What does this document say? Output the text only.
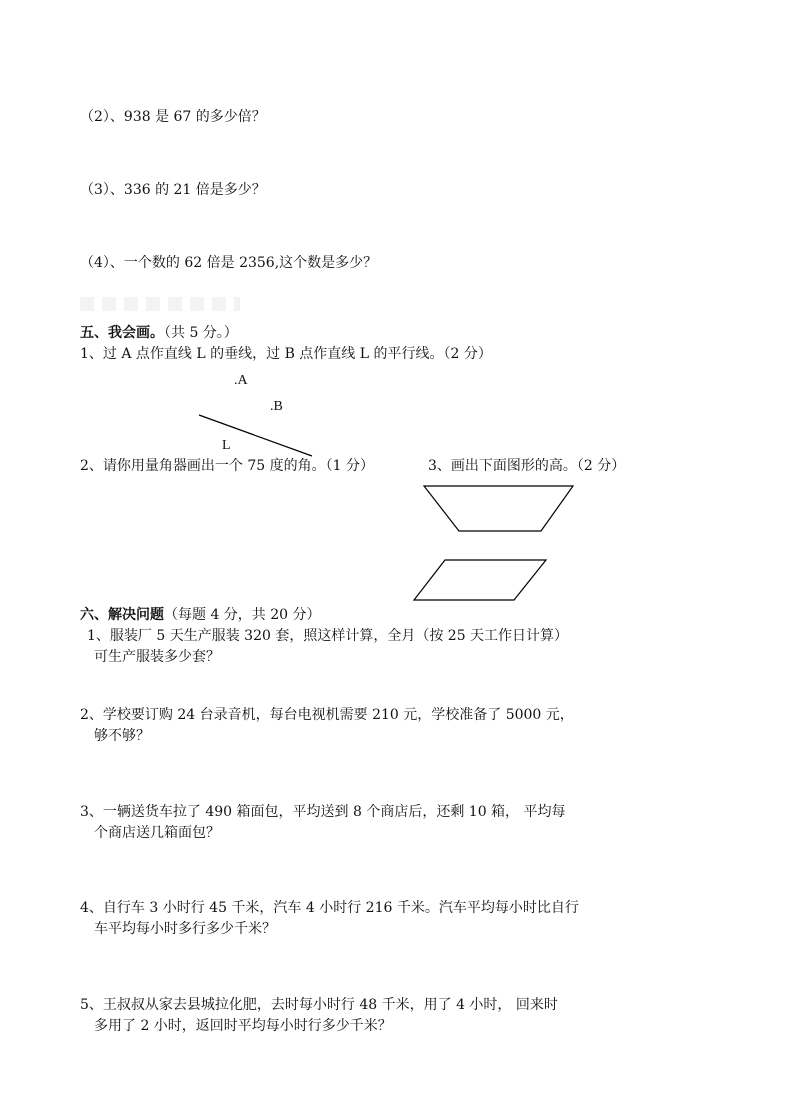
（2）、938 是 67 的多少倍？
（3）、336 的 21 倍是多少？
（4）、一个数的 62 倍是 2356,这个数是多少？
五、我会画。（共 5 分。）
1、过 A 点作直线 L 的垂线，过 B 点作直线 L 的平行线。（2 分）
.A
.B
L
2、请你用量角器画出一个 75 度的角。（1 分）	3、画出下面图形的高。（2 分）
六、解决问题（每题 4 分，共 20 分）
1、服装厂 5 天生产服装 320 套，照这样计算，全月（按 25 天工作日计算）
可生产服装多少套？
2、学校要订购 24 台录音机，每台电视机需要 210 元，学校准备了 5000 元，
够不够？
3、一辆送货车拉了 490 箱面包，平均送到 8 个商店后，还剩 10 箱， 平均每
个商店送几箱面包？
4、自行车 3 小时行 45 千米，汽车 4 小时行 216 千米。汽车平均每小时比自行
车平均每小时多行多少千米？
5、王叔叔从家去县城拉化肥，去时每小时行 48 千米，用了 4 小时， 回来时
多用了 2 小时，返回时平均每小时行多少千米？
